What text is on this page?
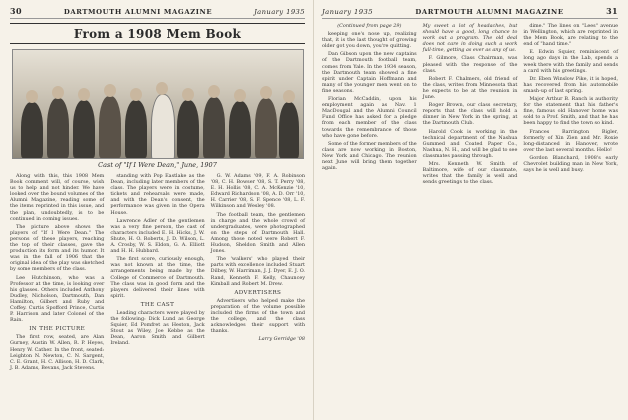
30	DARTMOUTH ALUMNI MAGAZINE	January 1935
From a 1908 Mem Book
Cast of "If I Were Dean," June, 1907

Along with this, this 1908 Mem Book comment will, of course, wish us to help and not hinder. We have looked over the bound volumes of the Alumni Magazine, reading some of the items reprinted in this issue, and the plan, undoubtedly, is to be continued in coming issues.

The picture above shows the players of "If I Were Dean." The persons of these players, reaching the top of their classes, gave the production its form and its humor. It was in the fall of 1906 that the original idea of the play was sketched by some members of the class.

Lee Hutchinson, who was a Professor at the time, is looking over his glasses. Others included Anthony Dudley, Nicholson, Dartmouth, Dan Hamilton, Gilbert and Ruby and Coffey. Curtis Spofford Prince, Curtis P. Harrison and later Colonel of the Rain.

IN THE PICTURE

The first row, seated, are Alan Gurney, Austin W. Allen, R. P. Heyes, Henry W. Cather. In the front, seated: Leighton N. Newton, C. N. Sargent, C. E. Grant, H. C. Allison, H. D. Clark, J. B. Adams, Bevans, Jack Stevens.

standing with Pop Eastlake as the Dean, including later members of the class. The players were in costume, tickets and rehearsals were made, and with the Dean's consent, the performance was given in the Opera House.

Lawrence Adler of the gentlemen was a very fine person, the cast of characters included E. H. Hicks, J. W. Shute, H. O. Roberts, J. D. Wilson, L. A. Crosby, W. S. Eldon, G. A. Elliott and H. H. Hubbard.

The first score, curiously enough, was not known at the time, the arrangements being made by the College of Commerce of Dartmouth. The class was in good form and the players delivered their lines with spirit.

THE CAST

Leading characters were played by the following: Dick Lund as George Squier, Ed Pomfret as Heston, Jack Stout as Wiley, Joe Kebbe as the Dean, Aaron Smith and Gilbert Ireland.

G. W. Adams '09, F. A. Robinson '08, C. H. Bowser '08, S. T. Perry '08, E. H. Hollis '08, C. A. McKenzie '10, Edward Richardson '08, A. D. Orr '10, H. Carrier '08, S. F. Spence '08, L. F. Wilkinson and Wesley '08.

The football team, the gentlemen in charge and the whole crowd of undergraduates, were photographed on the steps of Dartmouth Hall. Among those noted were Robert F. Hudson, Sheldon Smith and Allen Jones.

The 'walkers' who played their parts with excellence included Stuart Dilbey, W. Harriman, J. J. Dyer, E. J. O. Rand, Kenneth F. Kelly, Chauncey Kimball and Robert M. Drew.

ADVERTISERS

Advertisers who helped make the preparation of the volume possible included the firms of the town and the college, and the class acknowledges their support with thanks.

Larry Gerridge '08

January 1935	DARTMOUTH ALUMNI MAGAZINE	31

(Continued from page 29)

keeping one's nose up, realizing that, it is the last thought of growing older got you down, you're quitting.

Dan Gibson upon the new captains of the Dartmouth football team, comes from Yale. In the 1934 season, the Dartmouth team showed a fine spirit under Captain Hoffmann and many of the younger men went on to fine seasons.

Florian McCaddin, upon his employment again as Nav. 1 MacDougal and the Alumni Council Fund Office has asked for a pledge from each member of the class towards the remembrance of those who have gone before.

Some of the former members of the class are now working in Boston, New York and Chicago. The reunion next June will bring them together again.

My sweet a lot of headaches, but should have a good, long chance to work out a program. The old deal does not care in doing such a work full-time, getting as ever as any of us.

F. Gilmore, Class Chairman, was pleased with the response of the class.

Robert F. Chalmers, old friend of the class, writes from Minnesota that he expects to be at the reunion in June.

Roger Brown, our class secretary, reports that the class will hold a dinner in New York in the spring, at the Dartmouth Club.

Harold Cook is working in the technical department of the Nashua Gummed and Coated Paper Co., Nashua, N. H., and will be glad to see classmates passing through.

Mrs. Kenneth W. Smith of Baltimore, wife of our classmate, writes that the family is well and sends greetings to the class.

dime." The lines on "Lees" avenue in Wellington, which are reprinted in the Mem Book, are relating to the end of "hand time."

E. Edwin Squier, reminiscent of long ago days in the Lab, spends a week there with the family and sends a card with his greetings.

Dr. Eben Winslow Pike, it is hoped, has recovered from his automobile smash-up of last spring.

Major Arthur B. Ranch is authority for the statement that his father's fine, famous old Hanover home was sold to a Prof. Smith, and that he has been happy to find the town so kind.

Frances Barrington Bigler, formerly of Xin Zien and Mr. Roxie long-distanced in Hanover, wrote over the last several months. Hello!

Gordon Blanchard, 1908's early Chevrolet building man in New York, says he is well and busy.
